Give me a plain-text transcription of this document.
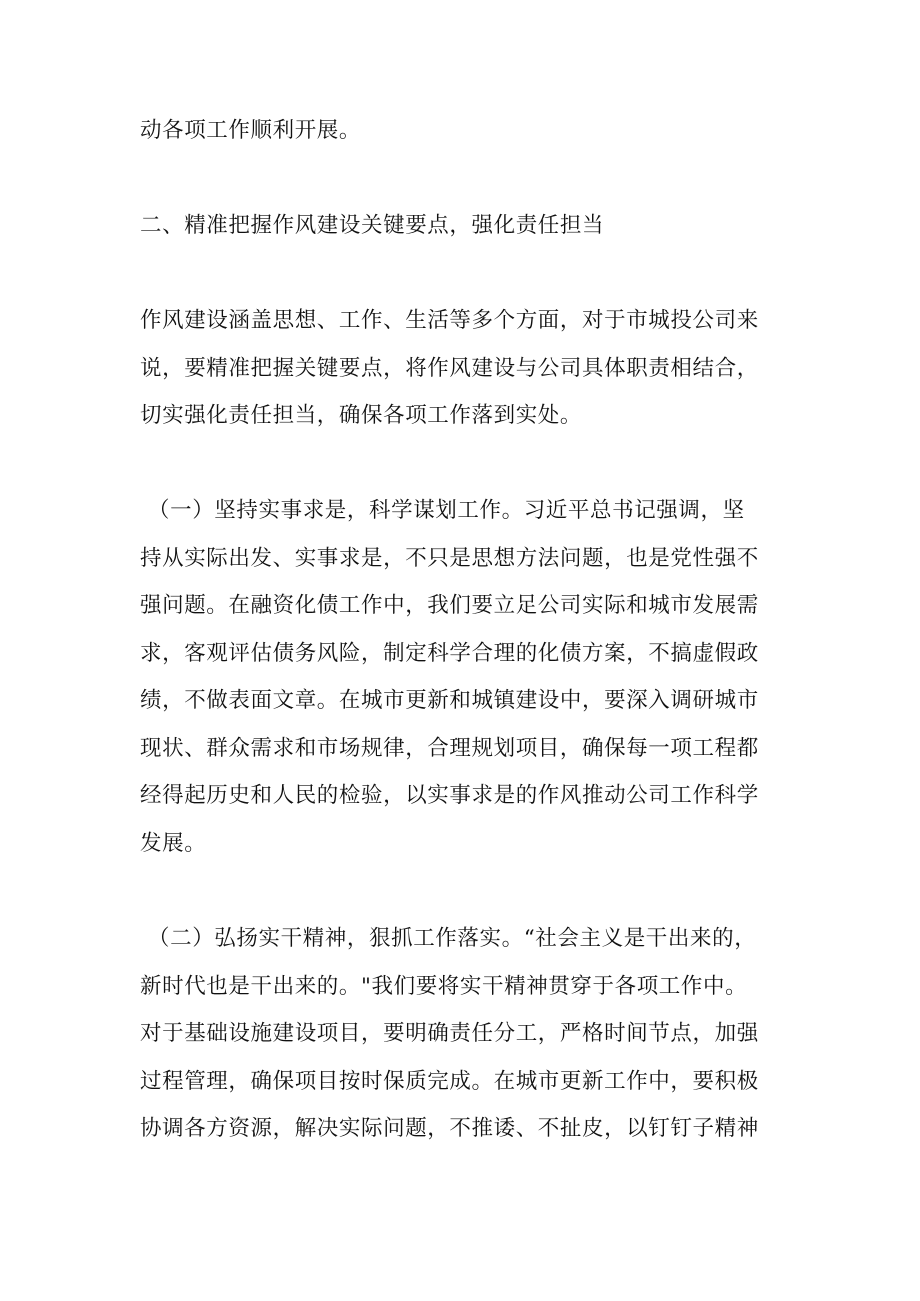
动各项工作顺利开展。

二、精准把握作风建设关键要点，强化责任担当

作风建设涵盖思想、工作、生活等多个方面，对于市城投公司来

说，要精准把握关键要点，将作风建设与公司具体职责相结合，

切实强化责任担当，确保各项工作落到实处。

（一）坚持实事求是，科学谋划工作。习近平总书记强调，坚

持从实际出发、实事求是，不只是思想方法问题，也是党性强不

强问题。在融资化债工作中，我们要立足公司实际和城市发展需

求，客观评估债务风险，制定科学合理的化债方案，不搞虚假政

绩，不做表面文章。在城市更新和城镇建设中，要深入调研城市

现状、群众需求和市场规律，合理规划项目，确保每一项工程都

经得起历史和人民的检验，以实事求是的作风推动公司工作科学

发展。

（二）弘扬实干精神，狠抓工作落实。“社会主义是干出来的，

新时代也是干出来的。"我们要将实干精神贯穿于各项工作中。

对于基础设施建设项目，要明确责任分工，严格时间节点，加强

过程管理，确保项目按时保质完成。在城市更新工作中，要积极

协调各方资源，解决实际问题，不推诿、不扯皮，以钉钉子精神
